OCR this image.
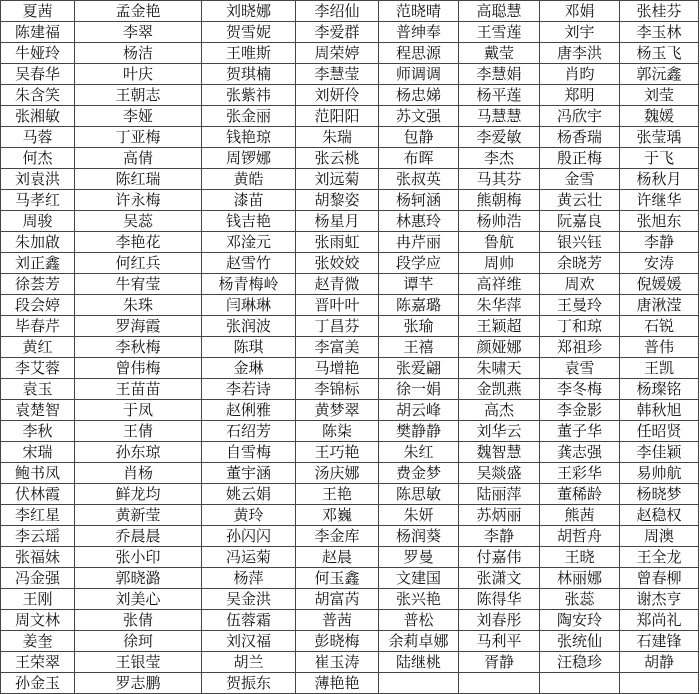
夏茜	孟金艳	刘晓娜	李绍仙	范晓晴	高聪慧	邓娟	张桂芬
陈建福	李翠	贺雪妮	李爱群	普绅奉	王雪莲	刘宇	李玉林
牛娅玲	杨洁	王唯斯	周荣婷	程思源	戴莹	唐李洪	杨玉飞
吴春华	叶庆	贺琪楠	李慧莹	师调调	李慧娟	肖昀	郭沅鑫
朱含笑	王朝志	张紫祎	刘妍伶	杨忠娣	杨平莲	郑明	刘莹
张湘敏	李娅	张金丽	范阳阳	苏文强	马慧慧	冯欣宇	魏媛
马蓉	丁亚梅	钱艳琼	朱瑞	包静	李爱敏	杨香瑞	张莹瑀
何杰	高倩	周锣娜	张云桃	布晖	李杰	殷正梅	于飞
刘袁洪	陈红瑞	黄皓	刘远菊	张叔英	马其芬	金雪	杨秋月
马孝红	许永梅	漆苗	胡黎姿	杨轲涵	熊朝梅	黄云壮	许继华
周骏	吴蕊	钱吉艳	杨星月	林惠玲	杨帅浩	阮嘉良	张旭东
朱加啟	李艳花	邓淦元	张雨虹	冉芹丽	鲁航	银兴钰	李静
刘正鑫	何红兵	赵雪竹	张姣姣	段学应	周帅	余晓芳	安涛
徐荟芳	牛宥莹	杨青梅岭	赵青微	谭芊	高祥维	周欢	倪媛媛
段会婷	朱珠	闫琳琳	晋叶叶	陈嘉璐	朱华萍	王曼玲	唐湫滢
毕春芹	罗海霞	张润波	丁昌芬	张瑜	王颖超	丁和琼	石锐
黄红	李秋梅	陈琪	李富美	王禧	颜娅娜	郑祖珍	普伟
李艾蓉	曾伟梅	金琳	马增艳	张爱翩	朱啸天	袁雪	王凯
袁玉	王苗苗	李若诗	李锦标	徐一娟	金凯燕	李冬梅	杨璨铭
袁楚智	于凤	赵俐雅	黄梦翠	胡云峰	高杰	李金影	韩秋旭
李秋	王倩	石绍芳	陈柒	樊静静	刘华云	董子华	任昭贤
宋瑞	孙东琼	自雪梅	王巧艳	朱红	魏智慧	龚志强	李佳颖
鲍书凤	肖杨	董宇涵	汤庆娜	费金梦	吴燚盛	王彩华	易帅航
伏林霞	鲜龙均	姚云娟	王艳	陈思敏	陆丽萍	董稀龄	杨晓梦
李红星	黄新莹	黄玲	邓巍	朱妍	苏炳丽	熊茜	赵稳权
李云瑶	乔晨晨	孙闪闪	李金库	杨润葵	李静	胡哲舟	周澳
张福妹	张小印	冯运菊	赵晨	罗曼	付嘉伟	王晓	王全龙
冯金强	郭晓潞	杨萍	何玉鑫	文建国	张潇文	林丽娜	曾春柳
王刚	刘美心	吴金洪	胡富芮	张兴艳	陈得华	张蕊	谢杰亨
周文林	张倩	伍蓉霜	普茜	普松	刘春彤	陶安玲	郑尚礼
姜奎	徐珂	刘汉福	彭晓梅	余莉卓娜	马利平	张统仙	石建锋
王荣翠	王银莹	胡兰	崔玉涛	陆继桃	胥静	汪稳珍	胡静
孙金玉	罗志鹏	贺振东	薄艳艳				
